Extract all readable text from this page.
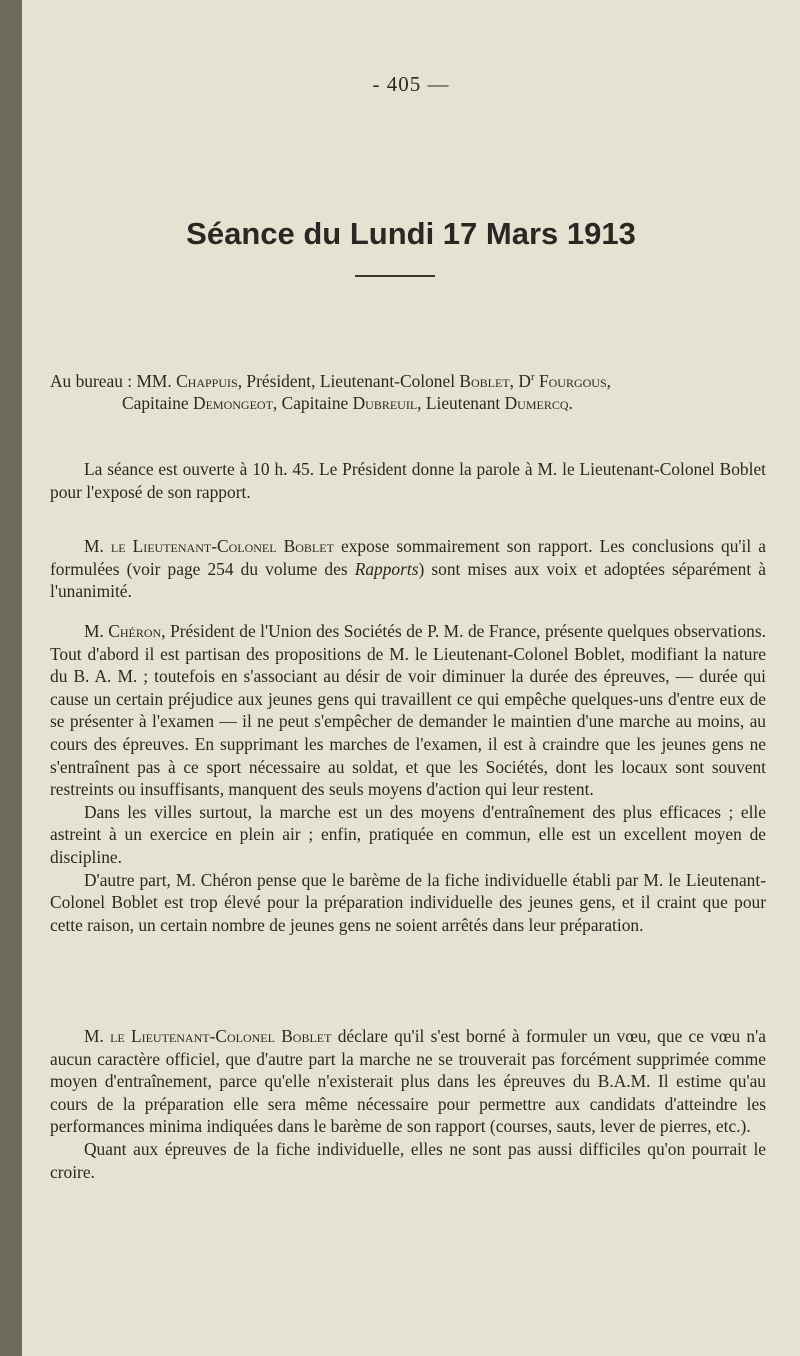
- 405 —
Séance du Lundi 17 Mars 1913

Au bureau : MM. Chappuis, Président, Lieutenant-Colonel Boblet, $D^r$ Fourgous,

Capitaine Demongeot, Capitaine Dubreuil, Lieutenant Dumercq.

La séance est ouverte à 10 h. 45. Le Président donne la parole à M. le Lieutenant-Colonel Boblet pour l'exposé de son rapport.

M. le Lieutenant-Colonel Boblet expose sommairement son rapport. Les conclusions qu'il a formulées (voir page 254 du volume des Rapports) sont mises aux voix et adoptées séparément à l'unanimité.

M. Chéron, Président de l'Union des Sociétés de P. M. de France, présente quelques observations. Tout d'abord il est partisan des propositions de M. le Lieutenant-Colonel Boblet, modifiant la nature du B. A. M. ; toutefois en s'associant au désir de voir diminuer la durée des épreuves, — durée qui cause un certain préjudice aux jeunes gens qui travaillent ce qui empêche quelques-uns d'entre eux de se présenter à l'examen — il ne peut s'empêcher de demander le maintien d'une marche au moins, au cours des épreuves. En supprimant les marches de l'examen, il est à craindre que les jeunes gens ne s'entraînent pas à ce sport nécessaire au soldat, et que les Sociétés, dont les locaux sont souvent restreints ou insuffisants, manquent des seuls moyens d'action qui leur restent.

Dans les villes surtout, la marche est un des moyens d'entraînement des plus efficaces ; elle astreint à un exercice en plein air ; enfin, pratiquée en commun, elle est un excellent moyen de discipline.

D'autre part, M. Chéron pense que le barème de la fiche individuelle établi par M. le Lieutenant-Colonel Boblet est trop élevé pour la préparation individuelle des jeunes gens, et il craint que pour cette raison, un certain nombre de jeunes gens ne soient arrêtés dans leur préparation.

M. le Lieutenant-Colonel Boblet déclare qu'il s'est borné à formuler un vœu, que ce vœu n'a aucun caractère officiel, que d'autre part la marche ne se trouverait pas forcément supprimée comme moyen d'entraînement, parce qu'elle n'existerait plus dans les épreuves du B.A.M. Il estime qu'au cours de la préparation elle sera même nécessaire pour permettre aux candidats d'atteindre les performances minima indiquées dans le barème de son rapport (courses, sauts, lever de pierres, etc.).

Quant aux épreuves de la fiche individuelle, elles ne sont pas aussi difficiles qu'on pourrait le croire.
